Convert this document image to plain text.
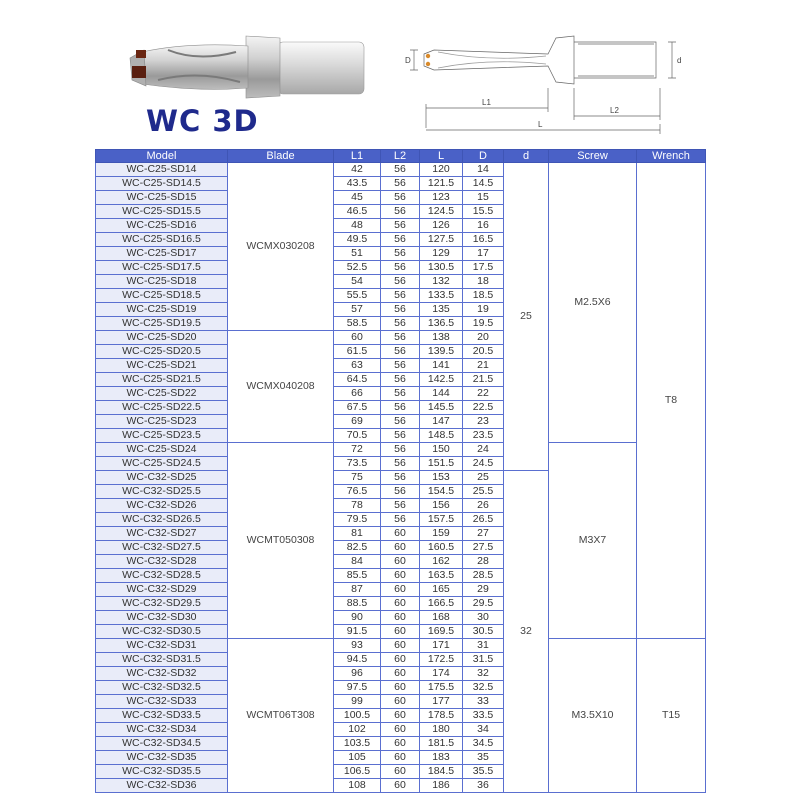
WC 3D
D	d
L1
L2
L
Model	Blade	L1	L2	L	D	d	Screw	Wrench
WC-C25-SD14	WCMX030208	42	56	120	14	25	M2.5X6	T8
WC-C25-SD14.5		43.5	56	121.5	14.5			
WC-C25-SD15		45	56	123	15			
WC-C25-SD15.5		46.5	56	124.5	15.5			
WC-C25-SD16		48	56	126	16			
WC-C25-SD16.5		49.5	56	127.5	16.5			
WC-C25-SD17		51	56	129	17			
WC-C25-SD17.5		52.5	56	130.5	17.5			
WC-C25-SD18		54	56	132	18			
WC-C25-SD18.5		55.5	56	133.5	18.5			
WC-C25-SD19		57	56	135	19			
WC-C25-SD19.5		58.5	56	136.5	19.5			
WC-C25-SD20	WCMX040208	60	56	138	20			
WC-C25-SD20.5		61.5	56	139.5	20.5			
WC-C25-SD21		63	56	141	21			
WC-C25-SD21.5		64.5	56	142.5	21.5			
WC-C25-SD22		66	56	144	22			
WC-C25-SD22.5		67.5	56	145.5	22.5			
WC-C25-SD23		69	56	147	23			
WC-C25-SD23.5		70.5	56	148.5	23.5			
WC-C25-SD24	WCMT050308	72	56	150	24		M3X7	
WC-C25-SD24.5		73.5	56	151.5	24.5			
WC-C32-SD25		75	56	153	25	32		
WC-C32-SD25.5		76.5	56	154.5	25.5			
WC-C32-SD26		78	56	156	26			
WC-C32-SD26.5		79.5	56	157.5	26.5			
WC-C32-SD27		81	60	159	27			
WC-C32-SD27.5		82.5	60	160.5	27.5			
WC-C32-SD28		84	60	162	28			
WC-C32-SD28.5		85.5	60	163.5	28.5			
WC-C32-SD29		87	60	165	29			
WC-C32-SD29.5		88.5	60	166.5	29.5			
WC-C32-SD30		90	60	168	30			
WC-C32-SD30.5		91.5	60	169.5	30.5			
WC-C32-SD31	WCMT06T308	93	60	171	31		M3.5X10	T15
WC-C32-SD31.5		94.5	60	172.5	31.5			
WC-C32-SD32		96	60	174	32			
WC-C32-SD32.5		97.5	60	175.5	32.5			
WC-C32-SD33		99	60	177	33			
WC-C32-SD33.5		100.5	60	178.5	33.5			
WC-C32-SD34		102	60	180	34			
WC-C32-SD34.5		103.5	60	181.5	34.5			
WC-C32-SD35		105	60	183	35			
WC-C32-SD35.5		106.5	60	184.5	35.5			
WC-C32-SD36		108	60	186	36			
